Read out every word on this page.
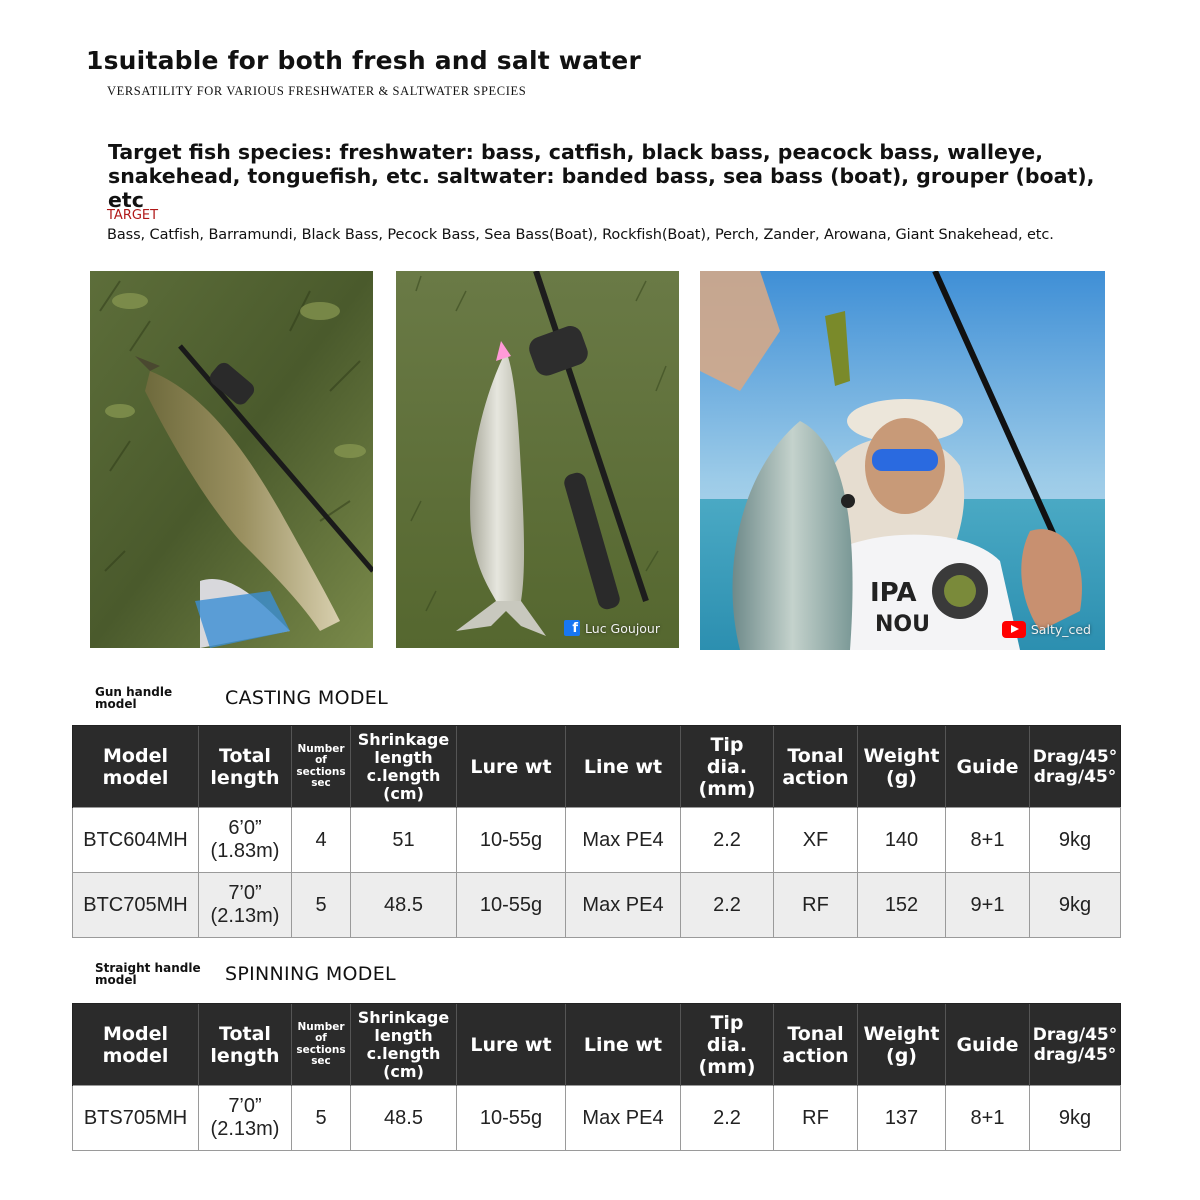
1suitable for both fresh and salt water
VERSATILITY FOR VARIOUS FRESHWATER & SALTWATER SPECIES
Target fish species: freshwater: bass, catfish, black bass, peacock bass, walleye, snakehead, tonguefish, etc. saltwater: banded bass, sea bass (boat), grouper (boat), etc
TARGET
Bass, Catfish, Barramundi, Black Bass, Pecock Bass, Sea Bass(Boat), Rockfish(Boat), Perch, Zander, Arowana, Giant Snakehead, etc.
f Luc Goujour
IPA
NOU	Salty_ced
Gun handle model	CASTING MODEL
Model
model	Total
length	Number
of
sections
sec	Shrinkage
length
c.length
(cm)	Lure wt	Line wt	Tip
dia.
(mm)	Tonal
action	Weight
(g)	Guide	Drag/45°
drag/45°
BTC604MH	6’0”
(1.83m)	4	51	10-55g	Max PE4	2.2	XF	140	8+1	9kg
BTC705MH	7’0”
(2.13m)	5	48.5	10-55g	Max PE4	2.2	RF	152	9+1	9kg
Straight handle model	SPINNING MODEL
Model
model	Total
length	Number
of
sections
sec	Shrinkage
length
c.length
(cm)	Lure wt	Line wt	Tip
dia.
(mm)	Tonal
action	Weight
(g)	Guide	Drag/45°
drag/45°
BTS705MH	7’0”
(2.13m)	5	48.5	10-55g	Max PE4	2.2	RF	137	8+1	9kg
